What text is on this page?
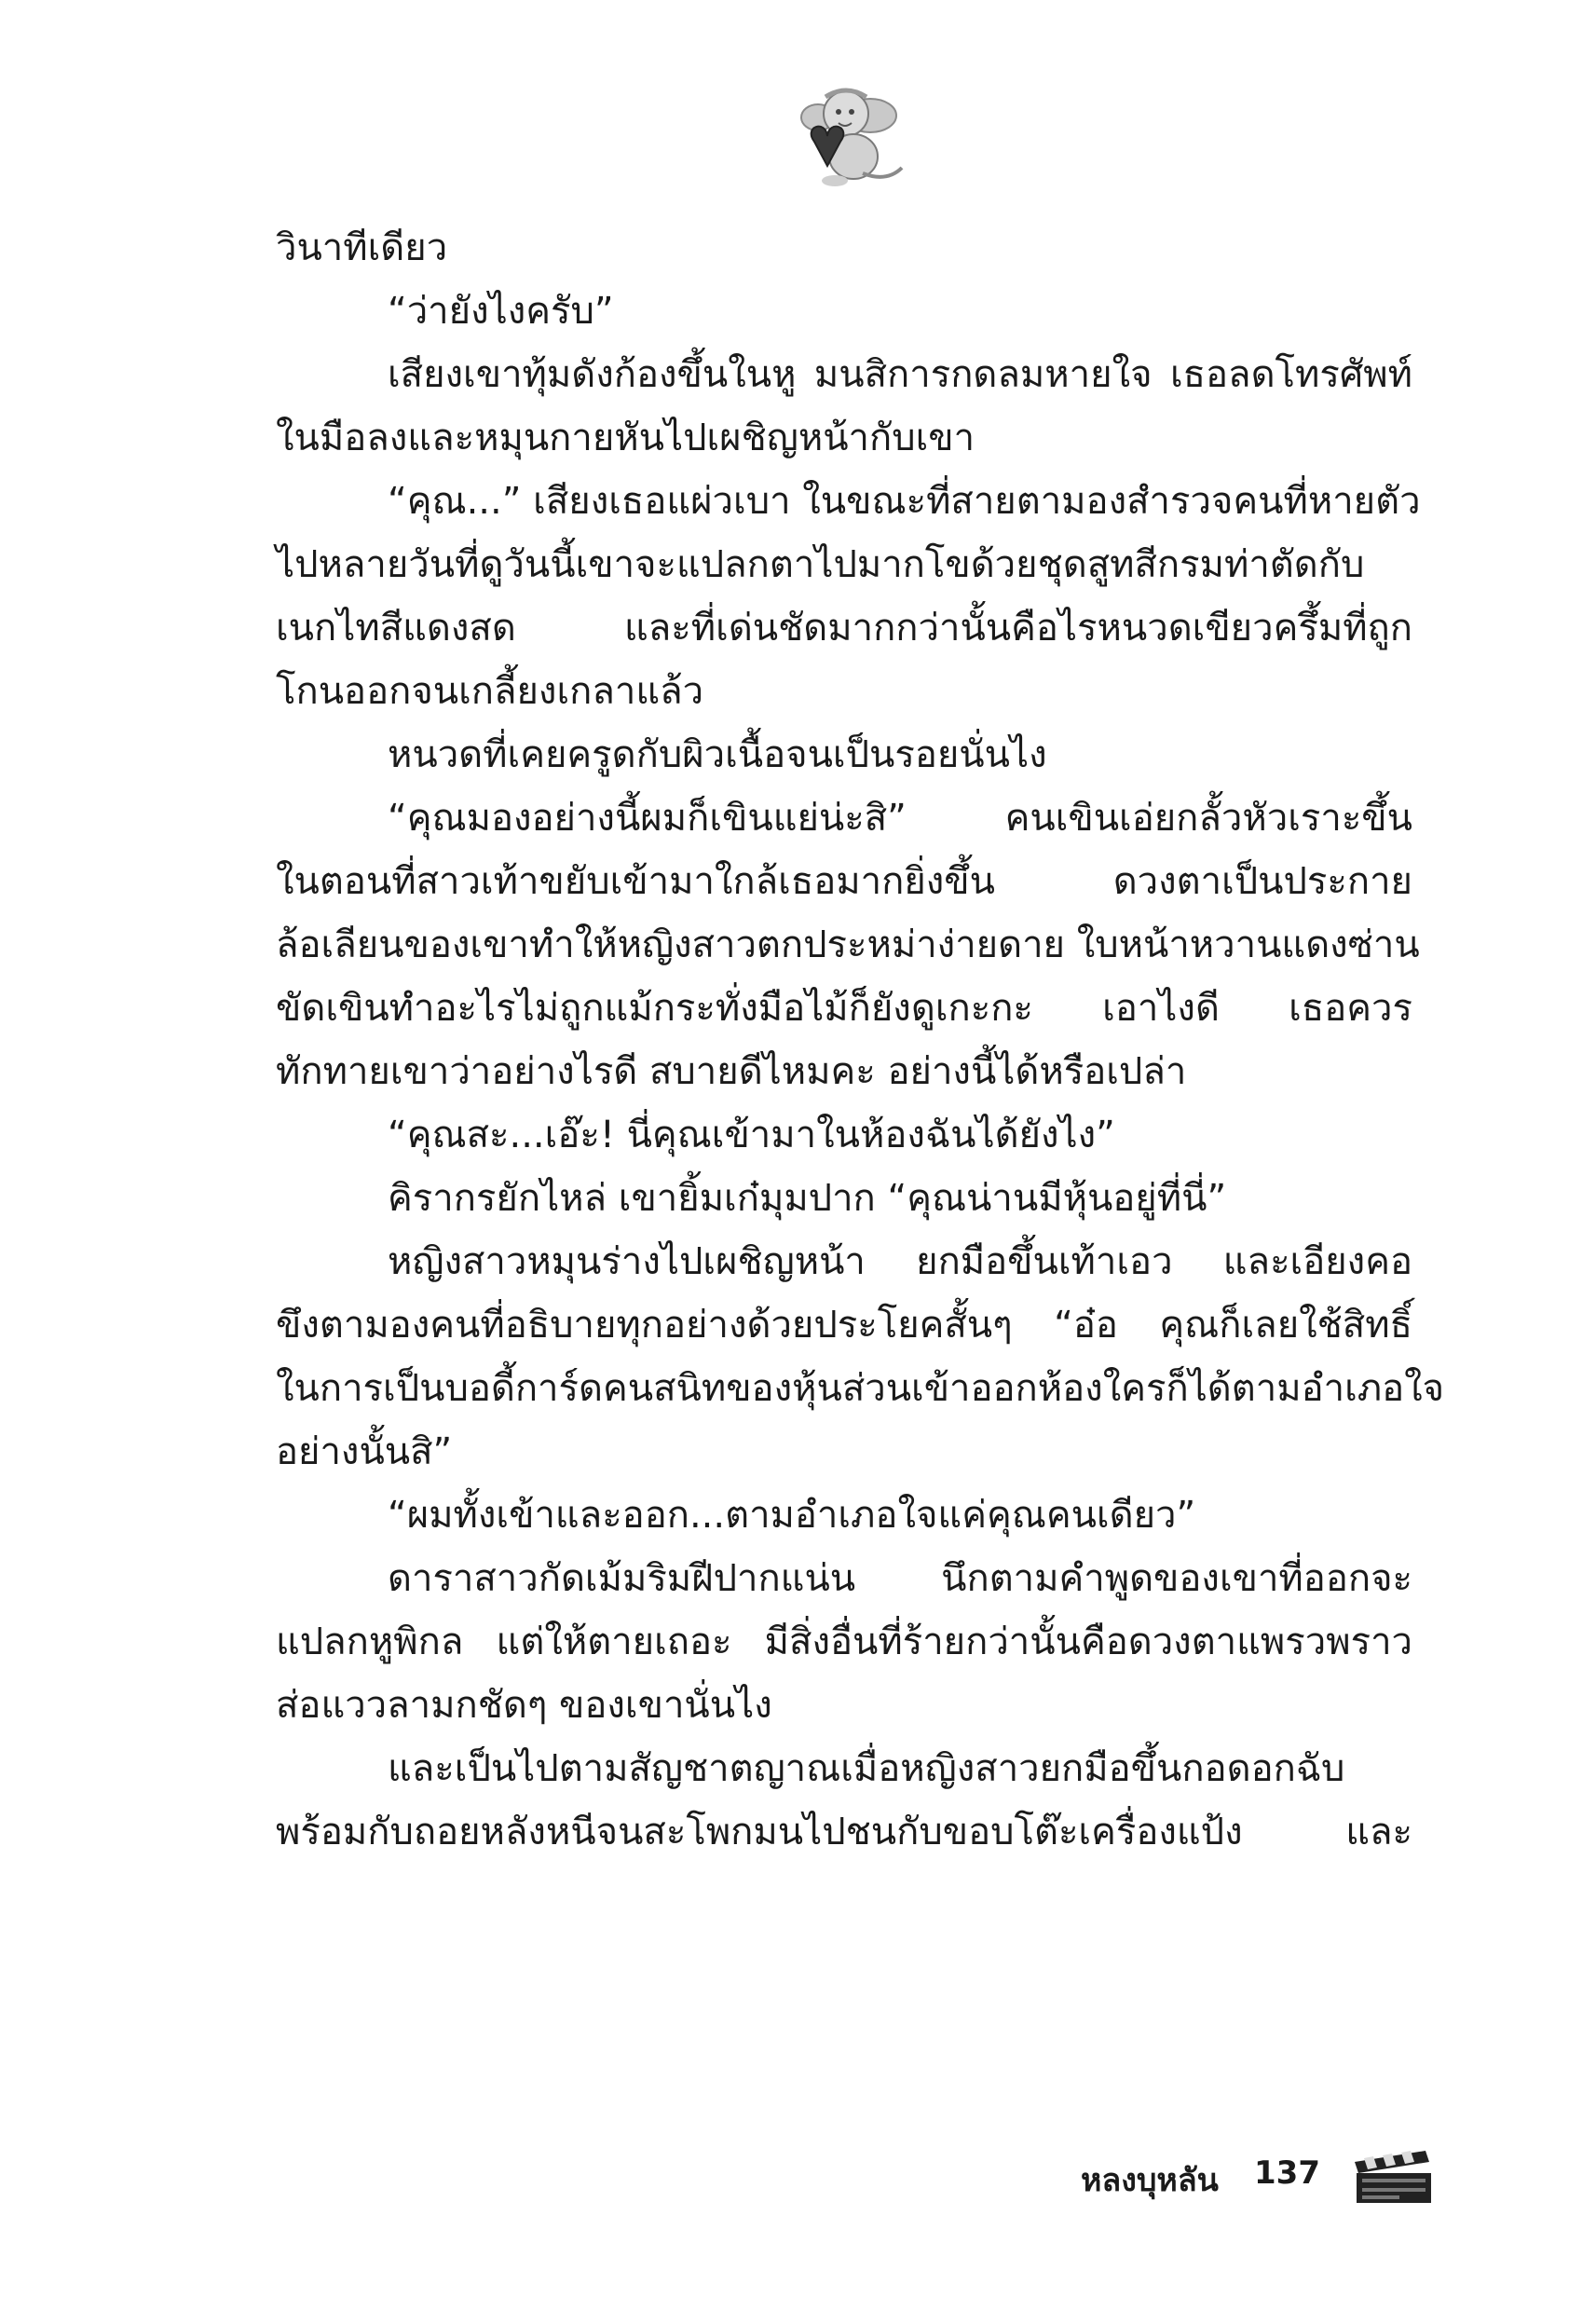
วินาทีเดียว
“ว่ายังไงครับ”
เสียงเขาทุ้มดังก้องขึ้นในหู มนสิการกดลมหายใจ เธอลดโทรศัพท์
ในมือลงและหมุนกายหันไปเผชิญหน้ากับเขา
“คุณ...” เสียงเธอแผ่วเบา ในขณะที่สายตามองสำรวจคนที่หายตัว
ไปหลายวันที่ดูวันนี้เขาจะแปลกตาไปมากโขด้วยชุดสูทสีกรมท่าตัดกับ
เนกไทสีแดงสด และที่เด่นชัดมากกว่านั้นคือไรหนวดเขียวครึ้มที่ถูก
โกนออกจนเกลี้ยงเกลาแล้ว
หนวดที่เคยครูดกับผิวเนื้อจนเป็นรอยนั่นไง
“คุณมองอย่างนี้ผมก็เขินแย่น่ะสิ” คนเขินเอ่ยกลั้วหัวเราะขึ้น
ในตอนที่สาวเท้าขยับเข้ามาใกล้เธอมากยิ่งขึ้น ดวงตาเป็นประกาย
ล้อเลียนของเขาทำให้หญิงสาวตกประหม่าง่ายดาย ใบหน้าหวานแดงซ่าน
ขัดเขินทำอะไรไม่ถูกแม้กระทั่งมือไม้ก็ยังดูเกะกะ เอาไงดี เธอควร
ทักทายเขาว่าอย่างไรดี สบายดีไหมคะ อย่างนี้ได้หรือเปล่า
“คุณสะ...เอ๊ะ! นี่คุณเข้ามาในห้องฉันได้ยังไง”
คิรากรยักไหล่ เขายิ้มเก๋มุมปาก “คุณน่านมีหุ้นอยู่ที่นี่”
หญิงสาวหมุนร่างไปเผชิญหน้า ยกมือขึ้นเท้าเอว และเอียงคอ
ขึงตามองคนที่อธิบายทุกอย่างด้วยประโยคสั้นๆ “อ๋อ คุณก็เลยใช้สิทธิ์
ในการเป็นบอดี้การ์ดคนสนิทของหุ้นส่วนเข้าออกห้องใครก็ได้ตามอำเภอใจ
อย่างนั้นสิ”
“ผมทั้งเข้าและออก...ตามอำเภอใจแค่คุณคนเดียว”
ดาราสาวกัดเม้มริมฝีปากแน่น นึกตามคำพูดของเขาที่ออกจะ
แปลกหูพิกล แต่ให้ตายเถอะ มีสิ่งอื่นที่ร้ายกว่านั้นคือดวงตาแพรวพราว
ส่อแววลามกชัดๆ ของเขานั่นไง
และเป็นไปตามสัญชาตญาณเมื่อหญิงสาวยกมือขึ้นกอดอกฉับ
พร้อมกับถอยหลังหนีจนสะโพกมนไปชนกับขอบโต๊ะเครื่องแป้ง และ
หลงบุหลัน 137
